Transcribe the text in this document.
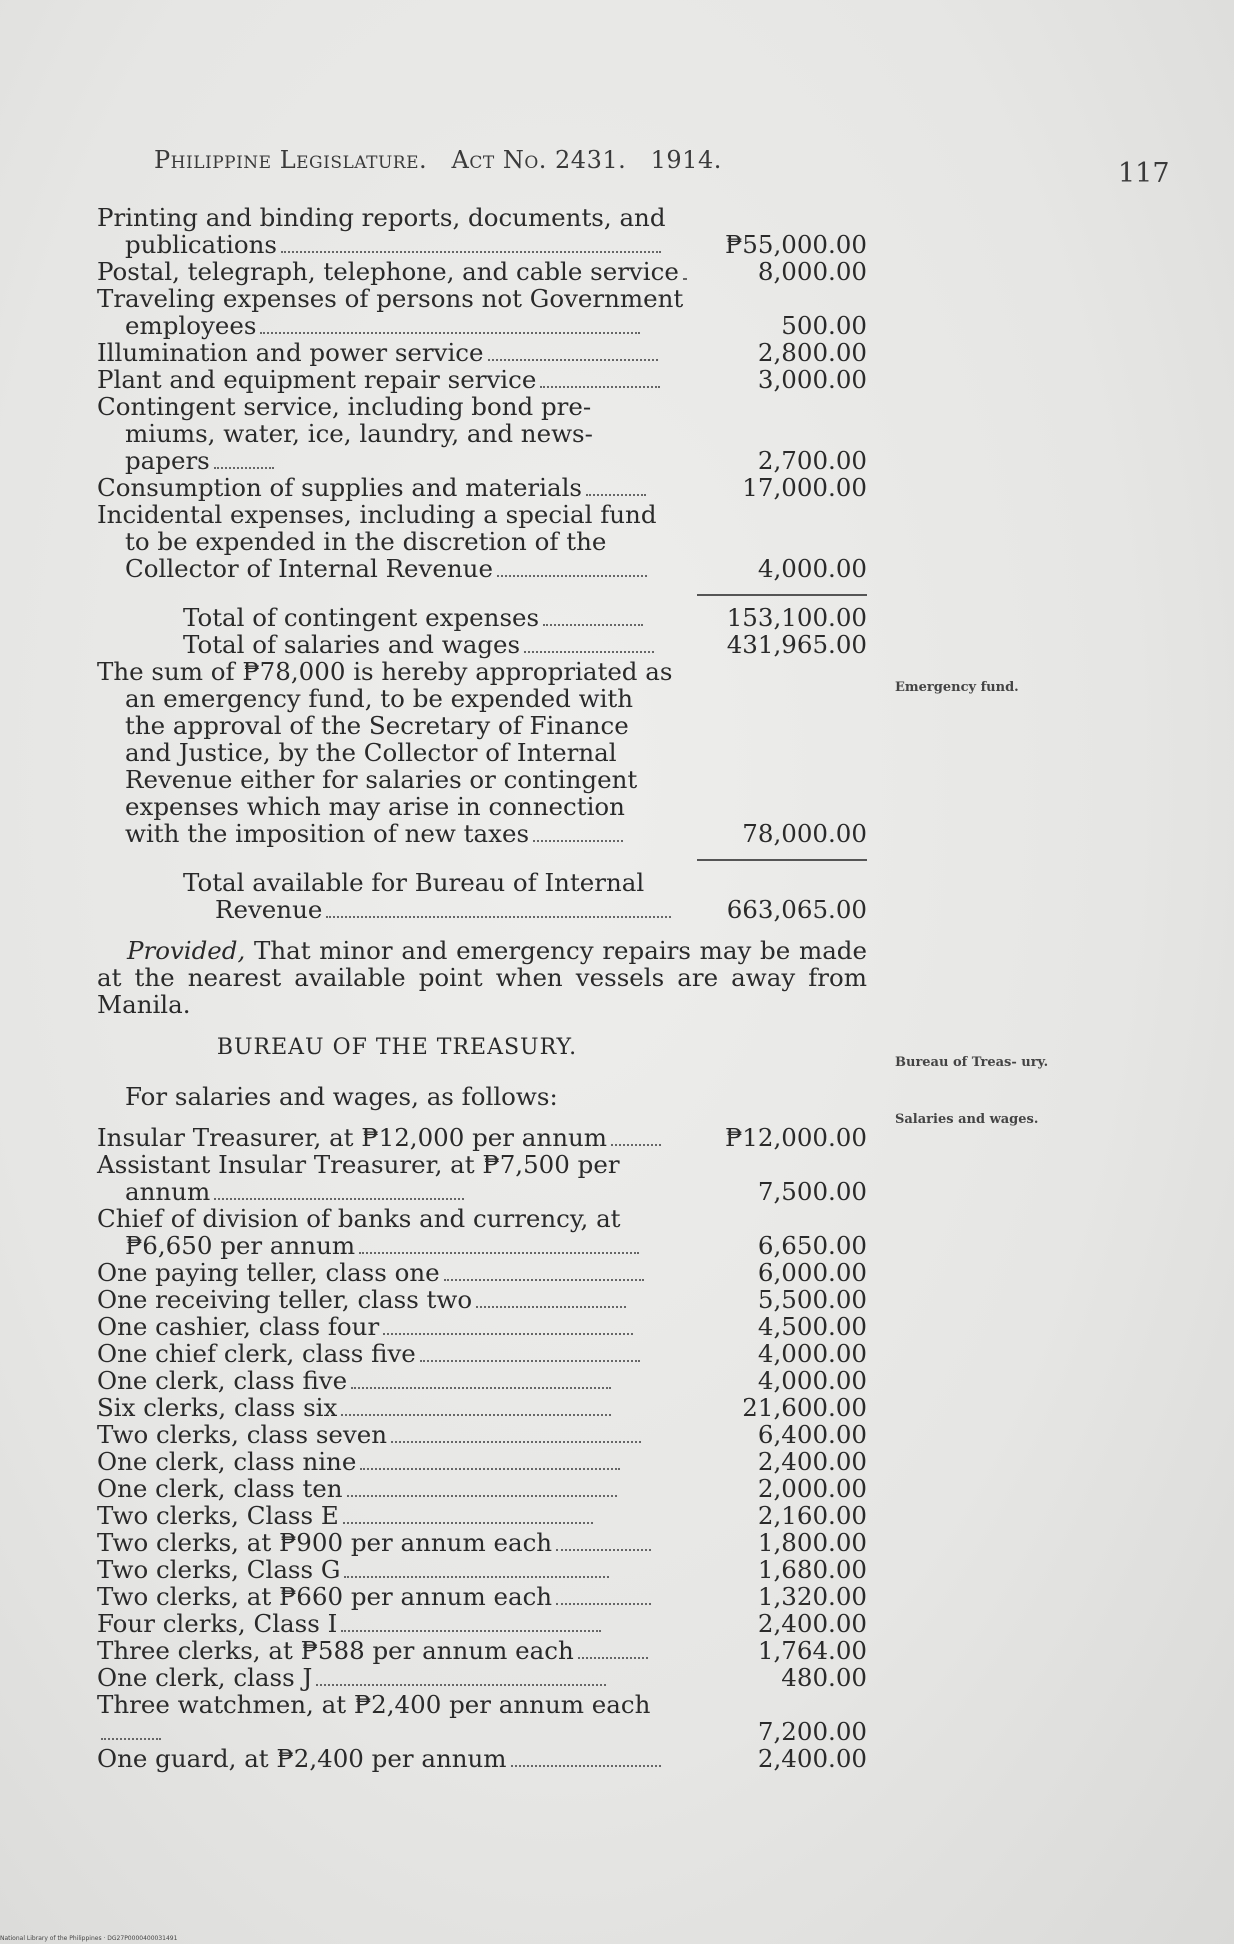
Philippine Legislature. Act No. 2431. 1914.	117
Emergency fund.
Bureau of Treas- ury.
Salaries and wages.
Printing and binding reports, documents, and
publications	₱55,000.00
Postal, telegraph, telephone, and cable service	8,000.00
Traveling expenses of persons not Government
employees	500.00
Illumination and power service	2,800.00
Plant and equipment repair service	3,000.00
Contingent service, including bond pre-
miums, water, ice, laundry, and news-
papers	2,700.00
Consumption of supplies and materials	17,000.00
Incidental expenses, including a special fund
to be expended in the discretion of the
Collector of Internal Revenue	4,000.00
Total of contingent expenses	153,100.00
Total of salaries and wages	431,965.00
The sum of ₱78,000 is hereby appropriated as
an emergency fund, to be expended with
the approval of the Secretary of Finance
and Justice, by the Collector of Internal
Revenue either for salaries or contingent
expenses which may arise in connection
with the imposition of new taxes	78,000.00
Total available for Bureau of Internal
Revenue	663,065.00
Provided, That minor and emergency repairs may be made at the nearest available point when vessels are away from Manila.
BUREAU OF THE TREASURY.
For salaries and wages, as follows:
Insular Treasurer, at ₱12,000 per annum	₱12,000.00
Assistant Insular Treasurer, at ₱7,500 per
annum	7,500.00
Chief of division of banks and currency, at
₱6,650 per annum	6,650.00
One paying teller, class one	6,000.00
One receiving teller, class two	5,500.00
One cashier, class four	4,500.00
One chief clerk, class five	4,000.00
One clerk, class five	4,000.00
Six clerks, class six	21,600.00
Two clerks, class seven	6,400.00
One clerk, class nine	2,400.00
One clerk, class ten	2,000.00
Two clerks, Class E	2,160.00
Two clerks, at ₱900 per annum each	1,800.00
Two clerks, Class G	1,680.00
Two clerks, at ₱660 per annum each	1,320.00
Four clerks, Class I	2,400.00
Three clerks, at ₱588 per annum each	1,764.00
One clerk, class J	480.00
Three watchmen, at ₱2,400 per annum each
7,200.00
One guard, at ₱2,400 per annum	2,400.00
National Library of the Philippines · DG27P0000400031491
